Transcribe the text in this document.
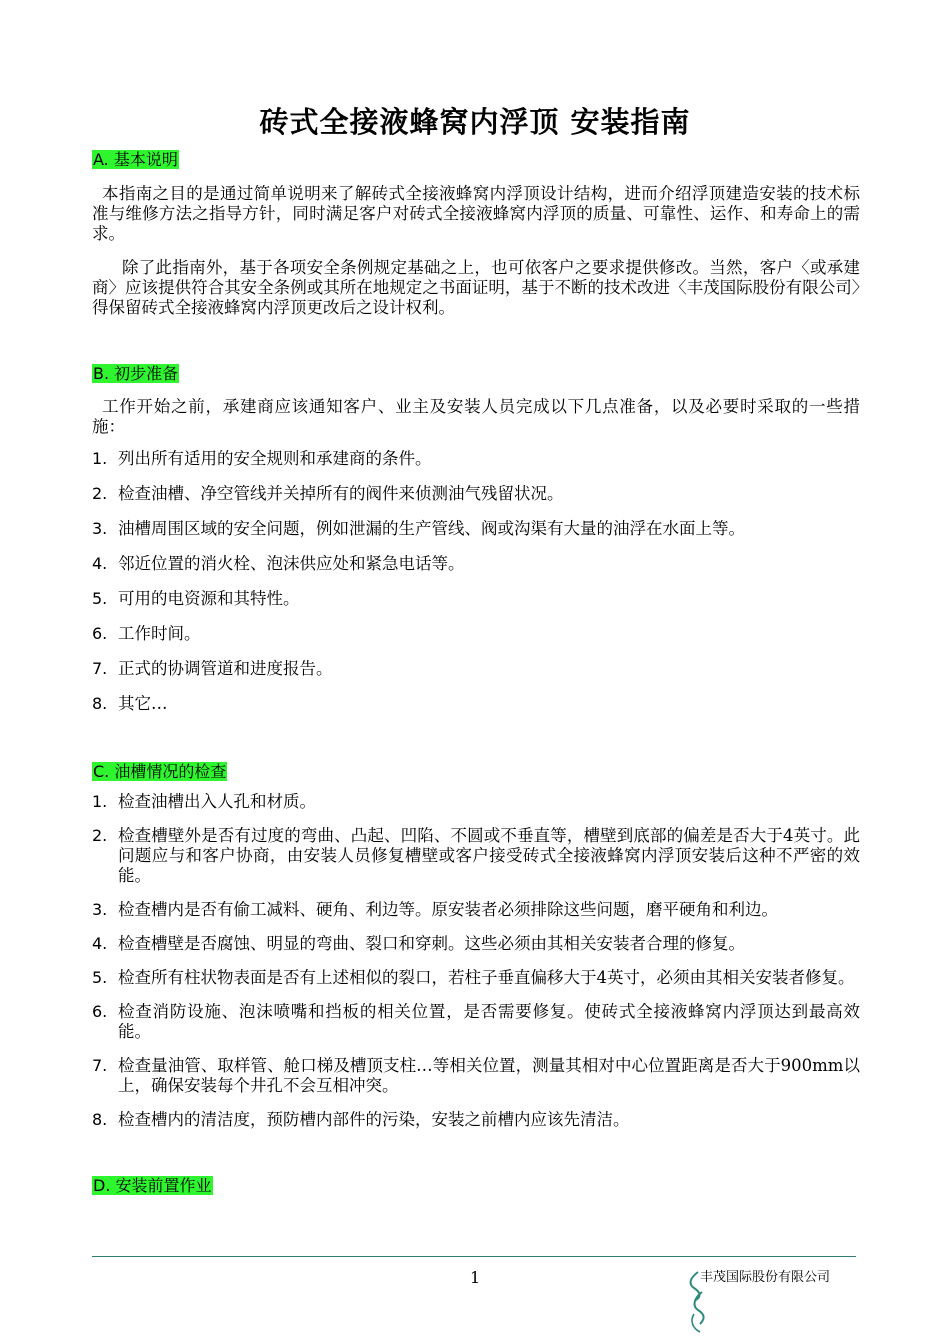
砖式全接液蜂窝内浮顶 安装指南
A. 基本说明

本指南之目的是通过简单说明来了解砖式全接液蜂窝内浮顶设计结构，进而介绍浮顶建造安装的技术标准与维修方法之指导方针，同时满足客户对砖式全接液蜂窝内浮顶的质量、可靠性、运作、和寿命上的需求。

除了此指南外，基于各项安全条例规定基础之上，也可依客户之要求提供修改。当然，客户〈或承建商〉应该提供符合其安全条例或其所在地规定之书面证明，基于不断的技术改进〈丰茂国际股份有限公司〉得保留砖式全接液蜂窝内浮顶更改后之设计权利。

B. 初步准备

工作开始之前，承建商应该通知客户、业主及安装人员完成以下几点准备，以及必要时采取的一些措施：

1. 列出所有适用的安全规则和承建商的条件。
2. 检查油槽、净空管线并关掉所有的阀件来侦测油气残留状况。
3. 油槽周围区域的安全问题，例如泄漏的生产管线、阀或沟渠有大量的油浮在水面上等。
4. 邻近位置的消火栓、泡沫供应处和紧急电话等。
5. 可用的电资源和其特性。
6. 工作时间。
7. 正式的协调管道和进度报告。
8. 其它…
C. 油槽情况的检查
1. 检查油槽出入人孔和材质。
2. 检查槽壁外是否有过度的弯曲、凸起、凹陷、不圆或不垂直等，槽壁到底部的偏差是否大于4英寸。此问题应与和客户协商，由安装人员修复槽壁或客户接受砖式全接液蜂窝内浮顶安装后这种不严密的效能。
3. 检查槽内是否有偷工减料、硬角、利边等。原安装者必须排除这些问题，磨平硬角和利边。
4. 检查槽壁是否腐蚀、明显的弯曲、裂口和穿刺。这些必须由其相关安装者合理的修复。
5. 检查所有柱状物表面是否有上述相似的裂口，若柱子垂直偏移大于4英寸，必须由其相关安装者修复。
6. 检查消防设施、泡沫喷嘴和挡板的相关位置，是否需要修复。使砖式全接液蜂窝内浮顶达到最高效能。
7. 检查量油管、取样管、舱口梯及槽顶支柱…等相关位置，测量其相对中心位置距离是否大于900mm以上，确保安装每个井孔不会互相冲突。
8. 检查槽内的清洁度，预防槽内部件的污染，安装之前槽内应该先清洁。
D. 安装前置作业
1	丰茂国际股份有限公司
